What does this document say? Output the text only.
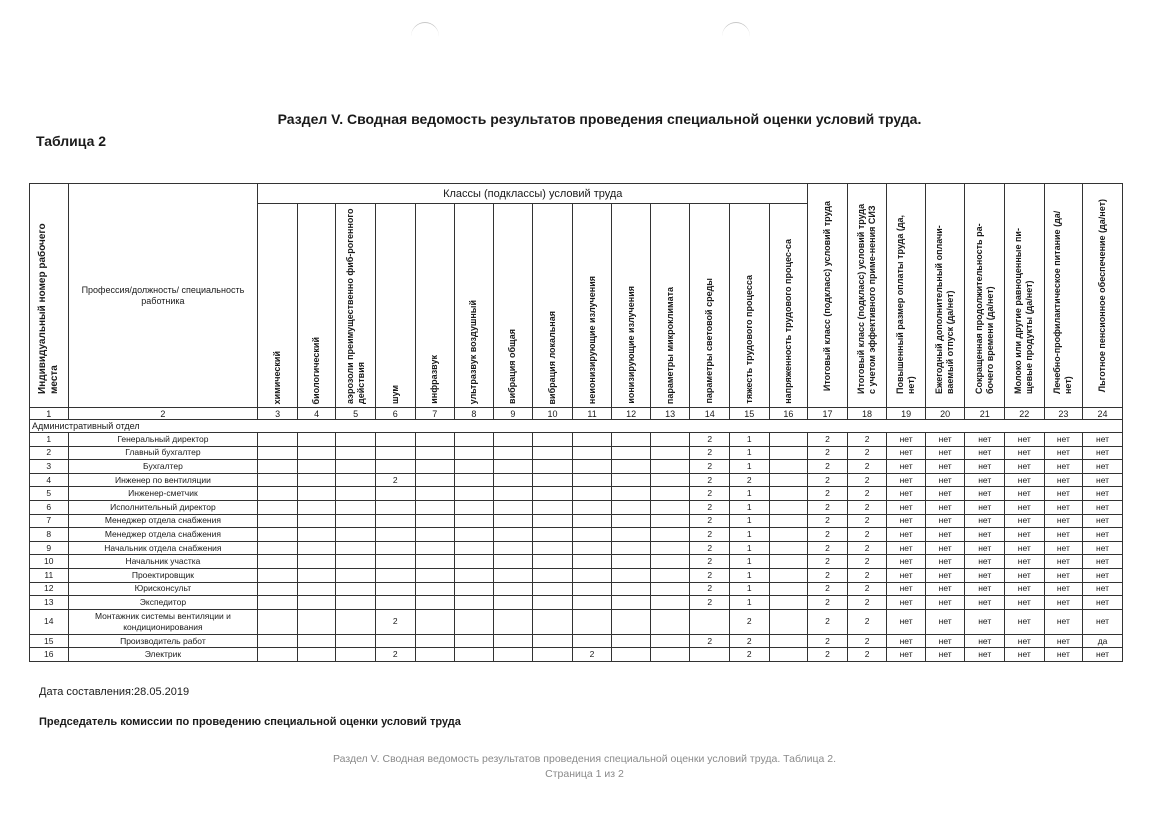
Раздел V. Сводная ведомость результатов проведения специальной оценки условий труда.
Таблица 2
Индивидуальный номер рабочего места	Профессия/должность/ специальность работника	Классы (подклассы) условий труда														Итоговый класс (подкласс) условий труда	Итоговый класс (подкласс) условий труда с учетом эффективного приме-нения СИЗ	Повышенный размер оплаты труда (да, нет)	Ежегодный дополнительный оплачи-ваемый отпуск (да/нет)	Сокращенная продолжительность ра-бочего времени (да/нет)	Молоко или другие равноценные пи-щевые продукты (да/нет)	Лечебно-профилактическое питание (да/нет)	Льготное пенсионное обеспечение (да/нет)

		химический	биологический	аэрозоли преимущественно фиб-рогенного действия	шум	инфразвук	ультразвук воздушный	вибрация общая	вибрация локальная	неионизирующие излучения	ионизирующие излучения	параметры микроклимата	параметры световой среды	тяжесть трудового процесса	напряженность трудового процес-са								

1	2	3	4	5	6	7	8	9	10	11	12	13	14	15	16	17	18	19	20	21	22	23	24
Административный отдел																							
1	Генеральный директор												2	1		2	2	нет	нет	нет	нет	нет	нет
2	Главный бухгалтер												2	1		2	2	нет	нет	нет	нет	нет	нет
3	Бухгалтер												2	1		2	2	нет	нет	нет	нет	нет	нет
4	Инженер по вентиляции				2								2	2		2	2	нет	нет	нет	нет	нет	нет
5	Инженер-сметчик												2	1		2	2	нет	нет	нет	нет	нет	нет
6	Исполнительный директор												2	1		2	2	нет	нет	нет	нет	нет	нет
7	Менеджер отдела снабжения												2	1		2	2	нет	нет	нет	нет	нет	нет
8	Менеджер отдела снабжения												2	1		2	2	нет	нет	нет	нет	нет	нет
9	Начальник отдела снабжения												2	1		2	2	нет	нет	нет	нет	нет	нет
10	Начальник участка												2	1		2	2	нет	нет	нет	нет	нет	нет
11	Проектировщик												2	1		2	2	нет	нет	нет	нет	нет	нет
12	Юрисконсульт												2	1		2	2	нет	нет	нет	нет	нет	нет
13	Экспедитор												2	1		2	2	нет	нет	нет	нет	нет	нет
14	Монтажник системы вентиляции и кондиционирования				2									2		2	2	нет	нет	нет	нет	нет	нет
15	Производитель работ												2	2		2	2	нет	нет	нет	нет	нет	да
16	Электрик				2					2				2		2	2	нет	нет	нет	нет	нет	нет
Дата составления:28.05.2019
Председатель комиссии по проведению специальной оценки условий труда
Раздел V. Сводная ведомость результатов проведения специальной оценки условий труда. Таблица 2.
Страница 1 из 2
